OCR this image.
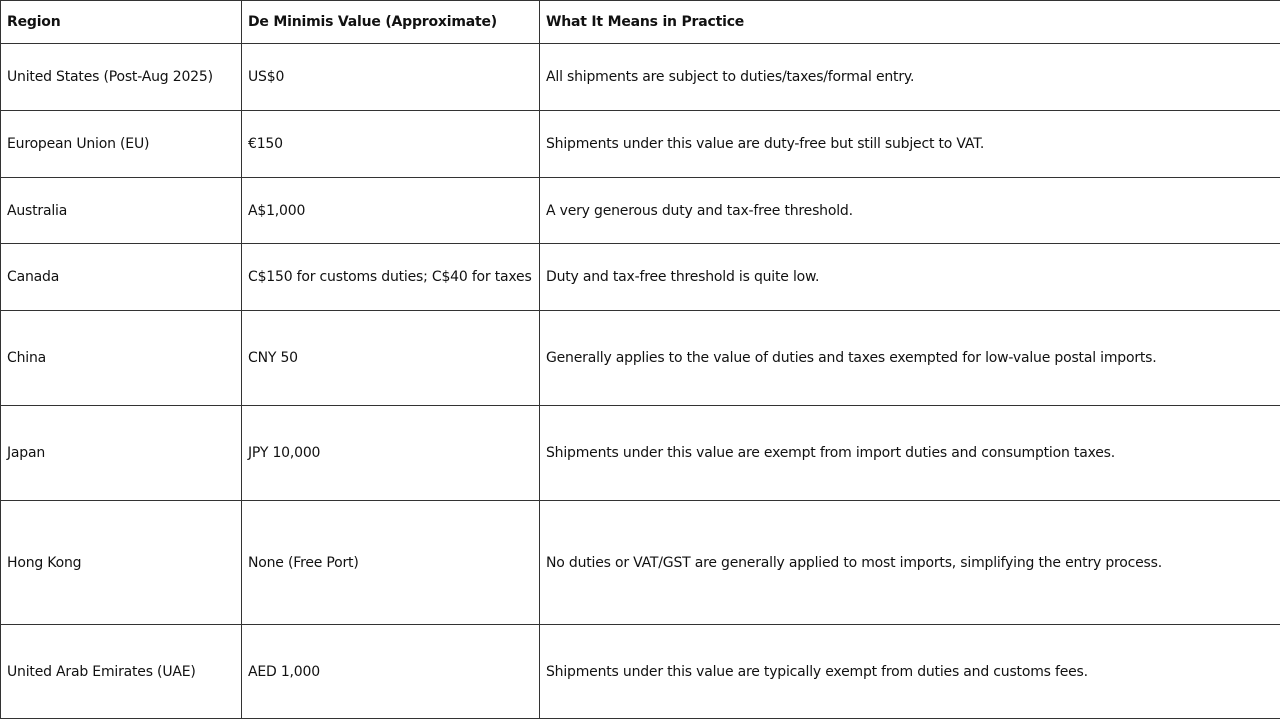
Region	De Minimis Value (Approximate)	What It Means in Practice
United States (Post-Aug 2025)	US$0	All shipments are subject to duties/taxes/formal entry.
European Union (EU)	€150	Shipments under this value are duty-free but still subject to VAT.
Australia	A$1,000	A very generous duty and tax-free threshold.
Canada	C$150 for customs duties; C$40 for taxes	Duty and tax-free threshold is quite low.
China	CNY 50	Generally applies to the value of duties and taxes exempted for low-value postal imports.
Japan	JPY 10,000	Shipments under this value are exempt from import duties and consumption taxes.
Hong Kong	None (Free Port)	No duties or VAT/GST are generally applied to most imports, simplifying the entry process.
United Arab Emirates (UAE)	AED 1,000	Shipments under this value are typically exempt from duties and customs fees.
